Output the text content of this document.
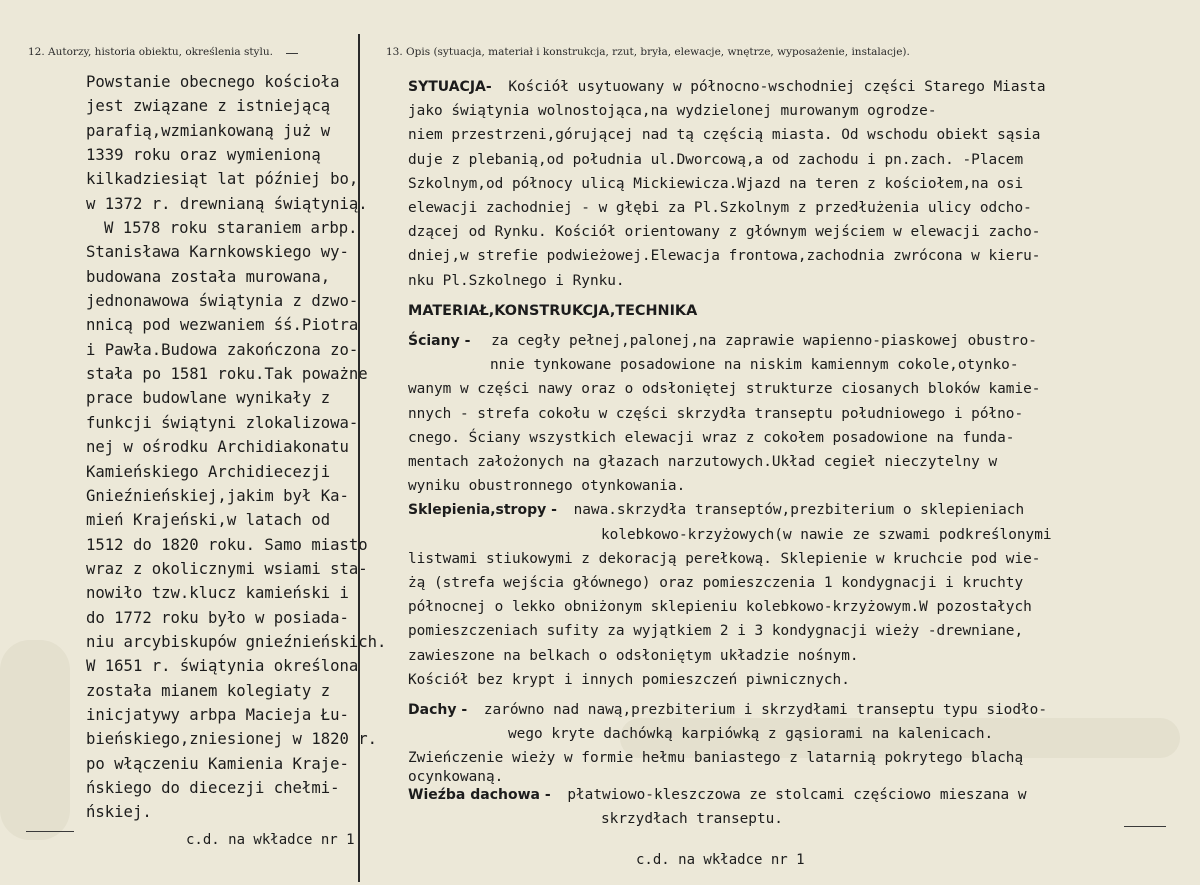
12. Autorzy, historia obiektu, określenia stylu.	13. Opis (sytuacja, materiał i konstrukcja, rzut, bryła, elewacje, wnętrze, wyposażenie, instalacje).
Powstanie obecnego kościoła
jest związane z istniejącą
parafią,wzmiankowaną już w
1339 roku oraz wymienioną
kilkadziesiąt lat później bo,
w 1372 r. drewnianą świątynią.
W 1578 roku staraniem arbp.
Stanisława Karnkowskiego wy-
budowana została murowana,
jednonawowa świątynia z dzwo-
nnicą pod wezwaniem śś.Piotra
i Pawła.Budowa zakończona zo-
stała po 1581 roku.Tak poważne
prace budowlane wynikały z
funkcji świątyni zlokalizowa-
nej w ośrodku Archidiakonatu
Kamieńskiego Archidiecezji
Gnieźnieńskiej,jakim był Ka-
mień Krajeński,w latach od
1512 do 1820 roku. Samo miasto
wraz z okolicznymi wsiami sta-
nowiło tzw.klucz kamieński i
do 1772 roku było w posiada-
niu arcybiskupów gnieźnieńskich.
W 1651 r. świątynia określona
została mianem kolegiaty z
inicjatywy arbpa Macieja Łu-
bieńskiego,zniesionej w 1820 r.
po włączeniu Kamienia Kraje-
ńskiego do diecezji chełmi-
ńskiej.
c.d. na wkładce nr 1
SYTUACJA- Kościół usytuowany w północno-wschodniej części Starego Miasta
jako świątynia wolnostojąca,na wydzielonej murowanym ogrodze-
niem przestrzeni,górującej nad tą częścią miasta. Od wschodu obiekt sąsia
duje z plebanią,od południa ul.Dworcową,a od zachodu i pn.zach. -Placem
Szkolnym,od północy ulicą Mickiewicza.Wjazd na teren z kościołem,na osi
elewacji zachodniej - w głębi za Pl.Szkolnym z przedłużenia ulicy odcho-
dzącej od Rynku. Kościół orientowany z głównym wejściem w elewacji zacho-
dniej,w strefie podwieżowej.Elewacja frontowa,zachodnia zwrócona w kieru-
nku Pl.Szkolnego i Rynku.
MATERIAŁ,KONSTRUKCJA,TECHNIKA
Ściany - za cegły pełnej,palonej,na zaprawie wapienno-piaskowej obustro-
nnie tynkowane posadowione na niskim kamiennym cokole,otynko-
wanym w części nawy oraz o odsłoniętej strukturze ciosanych bloków kamie-
nnych - strefa cokołu w części skrzydła transeptu południowego i półno-
cnego. Ściany wszystkich elewacji wraz z cokołem posadowione na funda-
mentach założonych na głazach narzutowych.Układ cegieł nieczytelny w
wyniku obustronnego otynkowania.
Sklepienia,stropy - nawa.skrzydła transeptów,prezbiterium o sklepieniach
kolebkowo-krzyżowych(w nawie ze szwami podkreślonymi
listwami stiukowymi z dekoracją perełkową. Sklepienie w kruchcie pod wie-
żą (strefa wejścia głównego) oraz pomieszczenia 1 kondygnacji i kruchty
północnej o lekko obniżonym sklepieniu kolebkowo-krzyżowym.W pozostałych
pomieszczeniach sufity za wyjątkiem 2 i 3 kondygnacji wieży -drewniane,
zawieszone na belkach o odsłoniętym układzie nośnym.
Kościół bez krypt i innych pomieszczeń piwnicznych.
Dachy - zarówno nad nawą,prezbiterium i skrzydłami transeptu typu siodło-
wego kryte dachówką karpiówką z gąsiorami na kalenicach.
Zwieńczenie wieży w formie hełmu baniastego z latarnią pokrytego blachą
ocynkowaną.
Wieźba dachowa - płatwiowo-kleszczowa ze stolcami częściowo mieszana w
skrzydłach transeptu.
c.d. na wkładce nr 1
